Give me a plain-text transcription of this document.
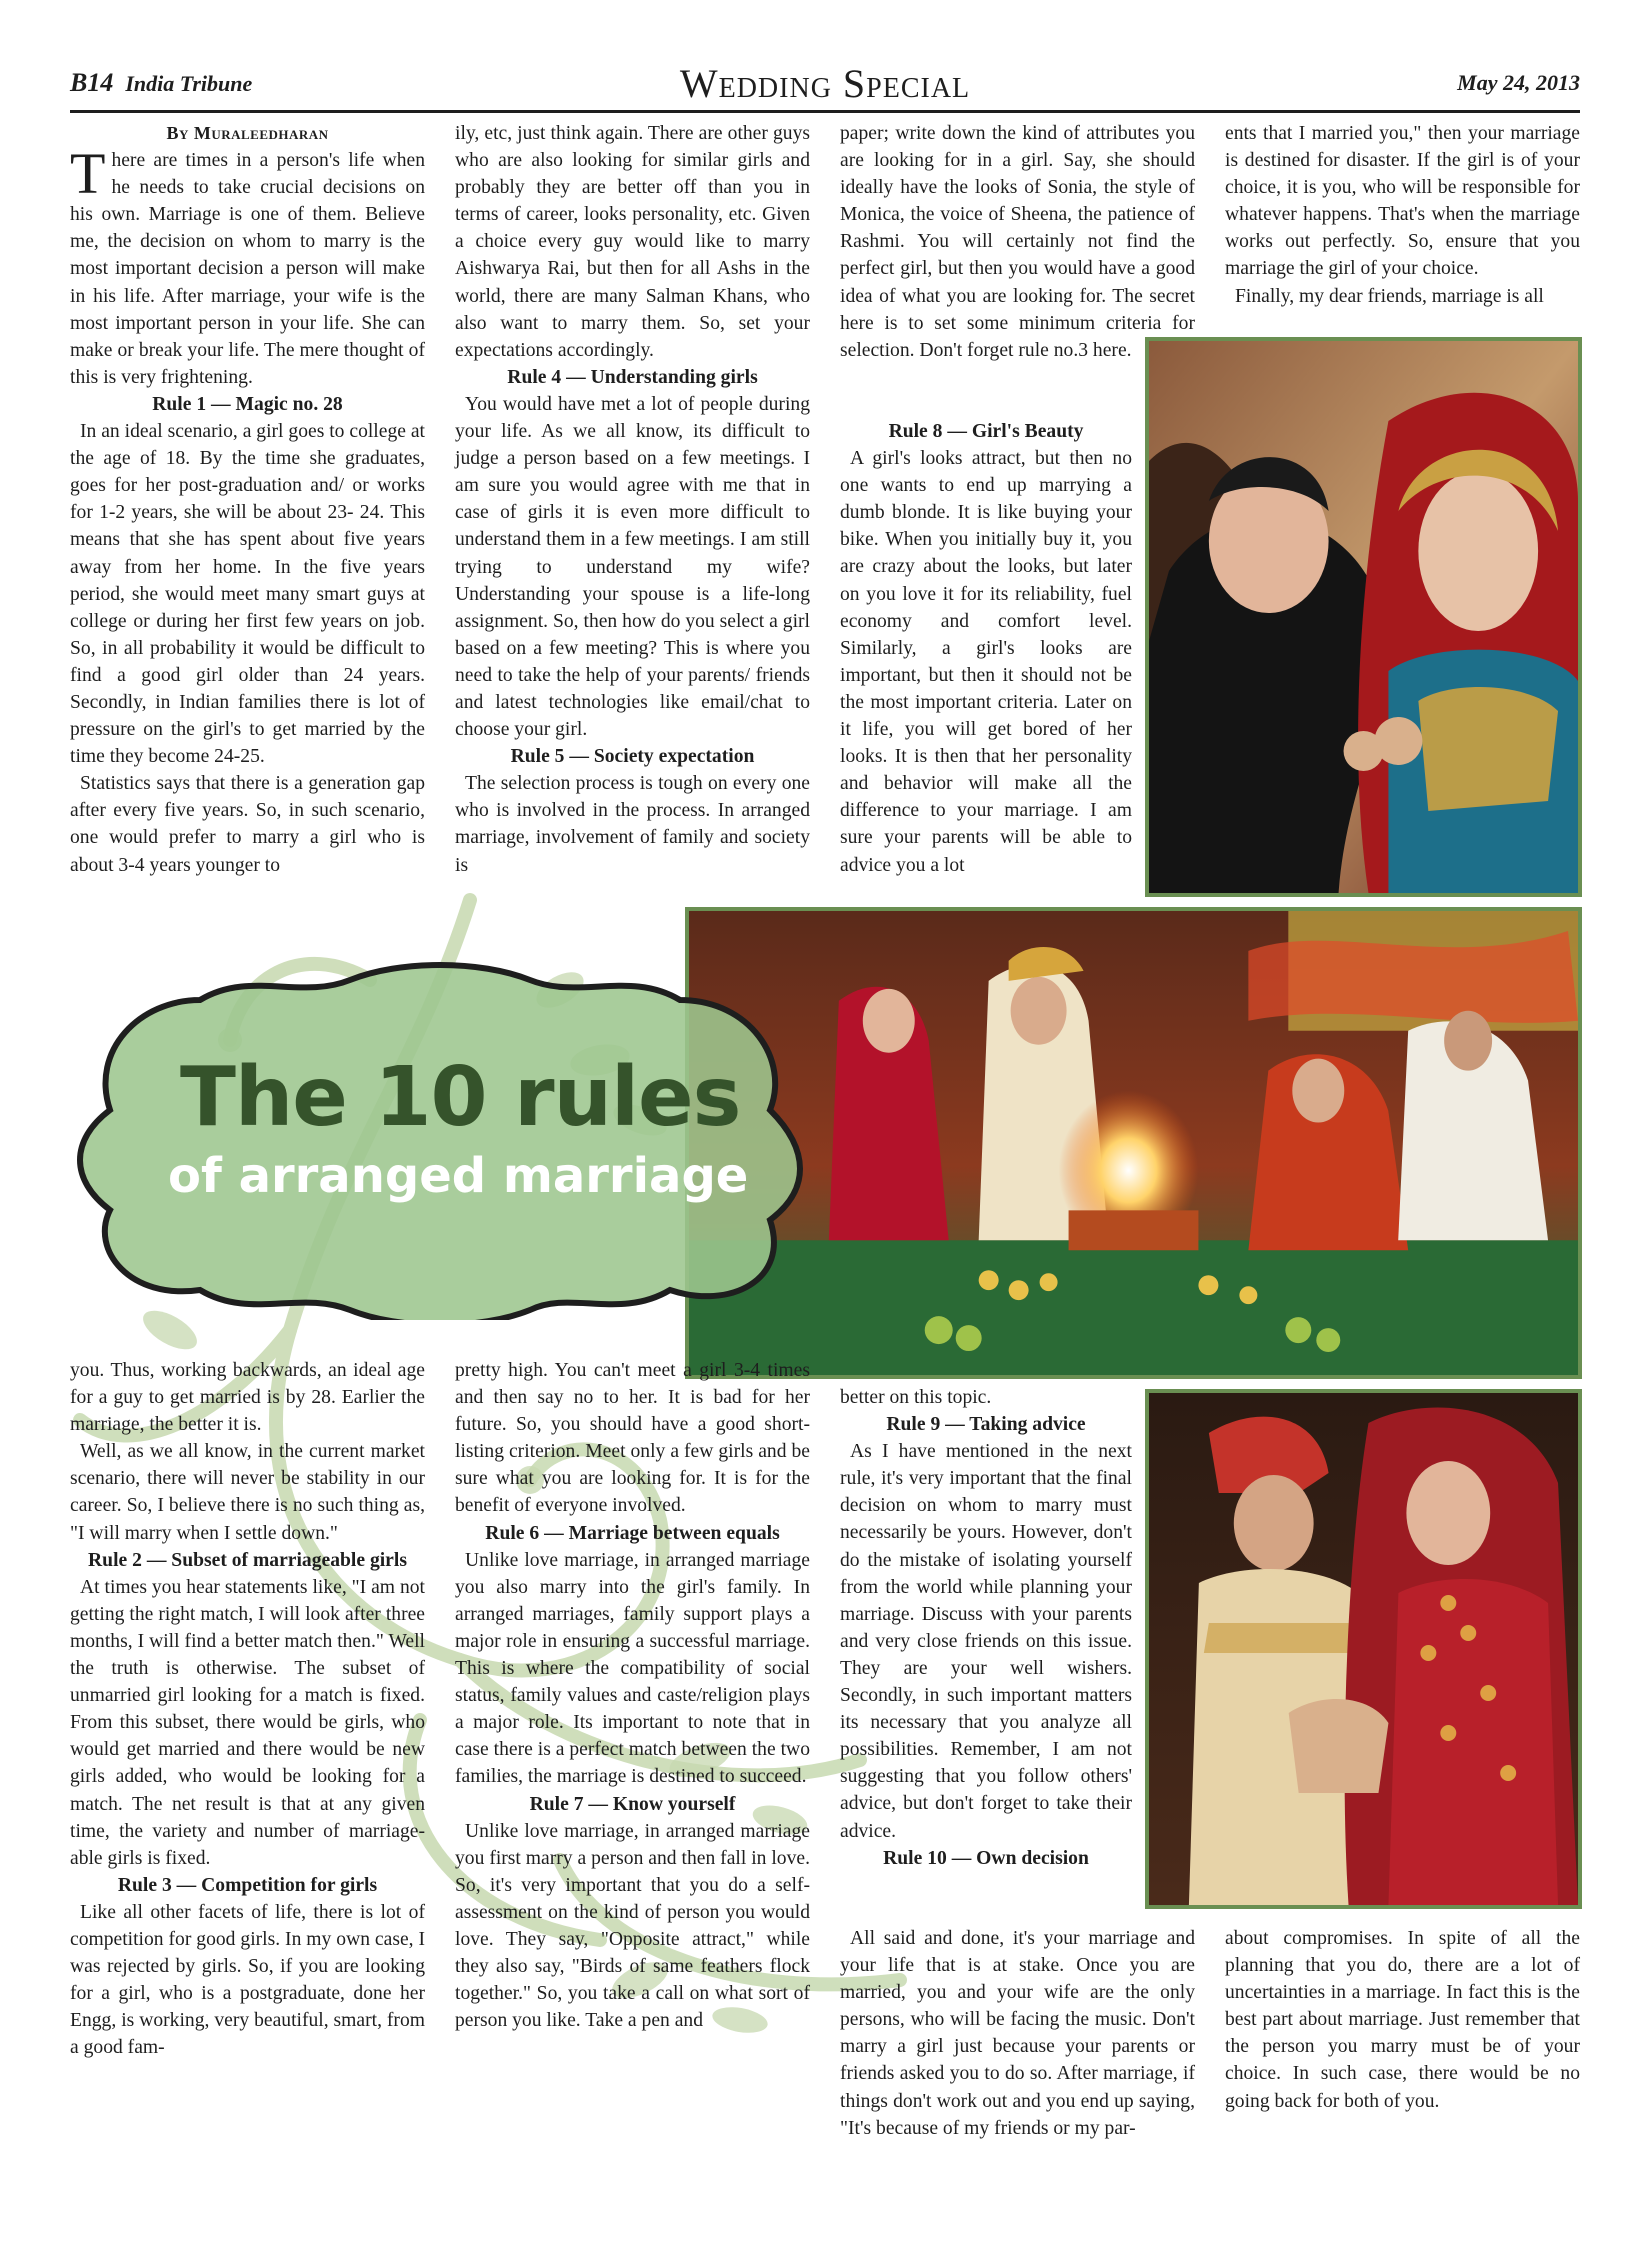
B14 India Tribune	Wedding Special	May 24, 2013
By Muraleedharan

There are times in a person's life when he needs to take crucial decisions on his own. Marriage is one of them. Believe me, the decision on whom to marry is the most important decision a person will make in his life. After marriage, your wife is the most important person in your life. She can make or break your life. The mere thought of this is very frightening.

Rule 1 — Magic no. 28

In an ideal scenario, a girl goes to college at the age of 18. By the time she graduates, goes for her post-graduation and/ or works for 1-2 years, she will be about 23- 24. This means that she has spent about five years away from her home. In the five years period, she would meet many smart guys at college or during her first few years on job. So, in all probability it would be difficult to find a good girl older than 24 years. Secondly, in Indian families there is lot of pressure on the girl's to get married by the time they become 24-25.

Statistics says that there is a generation gap after every five years. So, in such scenario, one would prefer to marry a girl who is about 3-4 years younger to

ily, etc, just think again. There are other guys who are also looking for similar girls and probably they are better off than you in terms of career, looks personality, etc. Given a choice every guy would like to marry Aishwarya Rai, but then for all Ashs in the world, there are many Salman Khans, who also want to marry them. So, set your expectations accordingly.

Rule 4 — Understanding girls

You would have met a lot of people during your life. As we all know, its difficult to judge a person based on a few meetings. I am sure you would agree with me that in case of girls it is even more difficult to understand them in a few meetings. I am still trying to understand my wife? Understanding your spouse is a life-long assignment. So, then how do you select a girl based on a few meeting? This is where you need to take the help of your parents/ friends and latest technologies like email/chat to choose your girl.

Rule 5 — Society expectation

The selection process is tough on every one who is involved in the process. In arranged marriage, involvement of family and society is

paper; write down the kind of attributes you are looking for in a girl. Say, she should ideally have the looks of Sonia, the style of Monica, the voice of Sheena, the patience of Rashmi. You will certainly not find the perfect girl, but then you would have a good idea of what you are looking for. The secret here is to set some minimum criteria for selection. Don't forget rule no.3 here.

Rule 8 — Girl's Beauty

A girl's looks attract, but then no one wants to end up marrying a dumb blonde. It is like buying your bike. When you initially buy it, you are crazy about the looks, but later on you love it for its reliability, fuel economy and comfort level. Similarly, a girl's looks are important, but then it should not be the most important criteria. Later on it life, you will get bored of her looks. It is then that her personality and behavior will make all the difference to your marriage. I am sure your parents will be able to advice you a lot

ents that I married you," then your marriage is destined for disaster. If the girl is of your choice, it is you, who will be responsible for whatever happens. That's when the marriage works out perfectly. So, ensure that you marriage the girl of your choice.

Finally, my dear friends, marriage is all

The 10 rules
of arranged marriage

you. Thus, working backwards, an ideal age for a guy to get married is by 28. Earlier the marriage, the better it is.

Well, as we all know, in the current market scenario, there will never be stability in our career. So, I believe there is no such thing as, "I will marry when I settle down."

Rule 2 — Subset of marriageable girls

At times you hear statements like, "I am not getting the right match, I will look after three months, I will find a better match then." Well the truth is otherwise. The subset of unmarried girl looking for a match is fixed. From this subset, there would be girls, who would get married and there would be new girls added, who would be looking for a match. The net result is that at any given time, the variety and number of marriage-able girls is fixed.

Rule 3 — Competition for girls

Like all other facets of life, there is lot of competition for good girls. In my own case, I was rejected by girls. So, if you are looking for a girl, who is a postgraduate, done her Engg, is working, very beautiful, smart, from a good fam-

pretty high. You can't meet a girl 3-4 times and then say no to her. It is bad for her future. So, you should have a good short-listing criterion. Meet only a few girls and be sure what you are looking for. It is for the benefit of everyone involved.

Rule 6 — Marriage between equals

Unlike love marriage, in arranged marriage you also marry into the girl's family. In arranged marriages, family support plays a major role in ensuring a successful marriage. This is where the compatibility of social status, family values and caste/religion plays a major role. Its important to note that in case there is a perfect match between the two families, the marriage is destined to succeed.

Rule 7 — Know yourself

Unlike love marriage, in arranged marriage you first marry a person and then fall in love. So, it's very important that you do a self-assessment on the kind of person you would love. They say, "Opposite attract," while they also say, "Birds of same feathers flock together." So, you take a call on what sort of person you like. Take a pen and

better on this topic.

Rule 9 — Taking advice

As I have mentioned in the next rule, it's very important that the final decision on whom to marry must necessarily be yours. However, don't do the mistake of isolating yourself from the world while planning your marriage. Discuss with your parents and very close friends on this issue. They are your well wishers. Secondly, in such important matters its necessary that you analyze all possibilities. Remember, I am not suggesting that you follow others' advice, but don't forget to take their advice.

Rule 10 — Own decision

All said and done, it's your marriage and your life that is at stake. Once you are married, you and your wife are the only persons, who will be facing the music. Don't marry a girl just because your parents or friends asked you to do so. After marriage, if things don't work out and you end up saying, "It's because of my friends or my par-

about compromises. In spite of all the planning that you do, there are a lot of uncertainties in a marriage. In fact this is the best part about marriage. Just remember that the person you marry must be of your choice. In such case, there would be no going back for both of you.
